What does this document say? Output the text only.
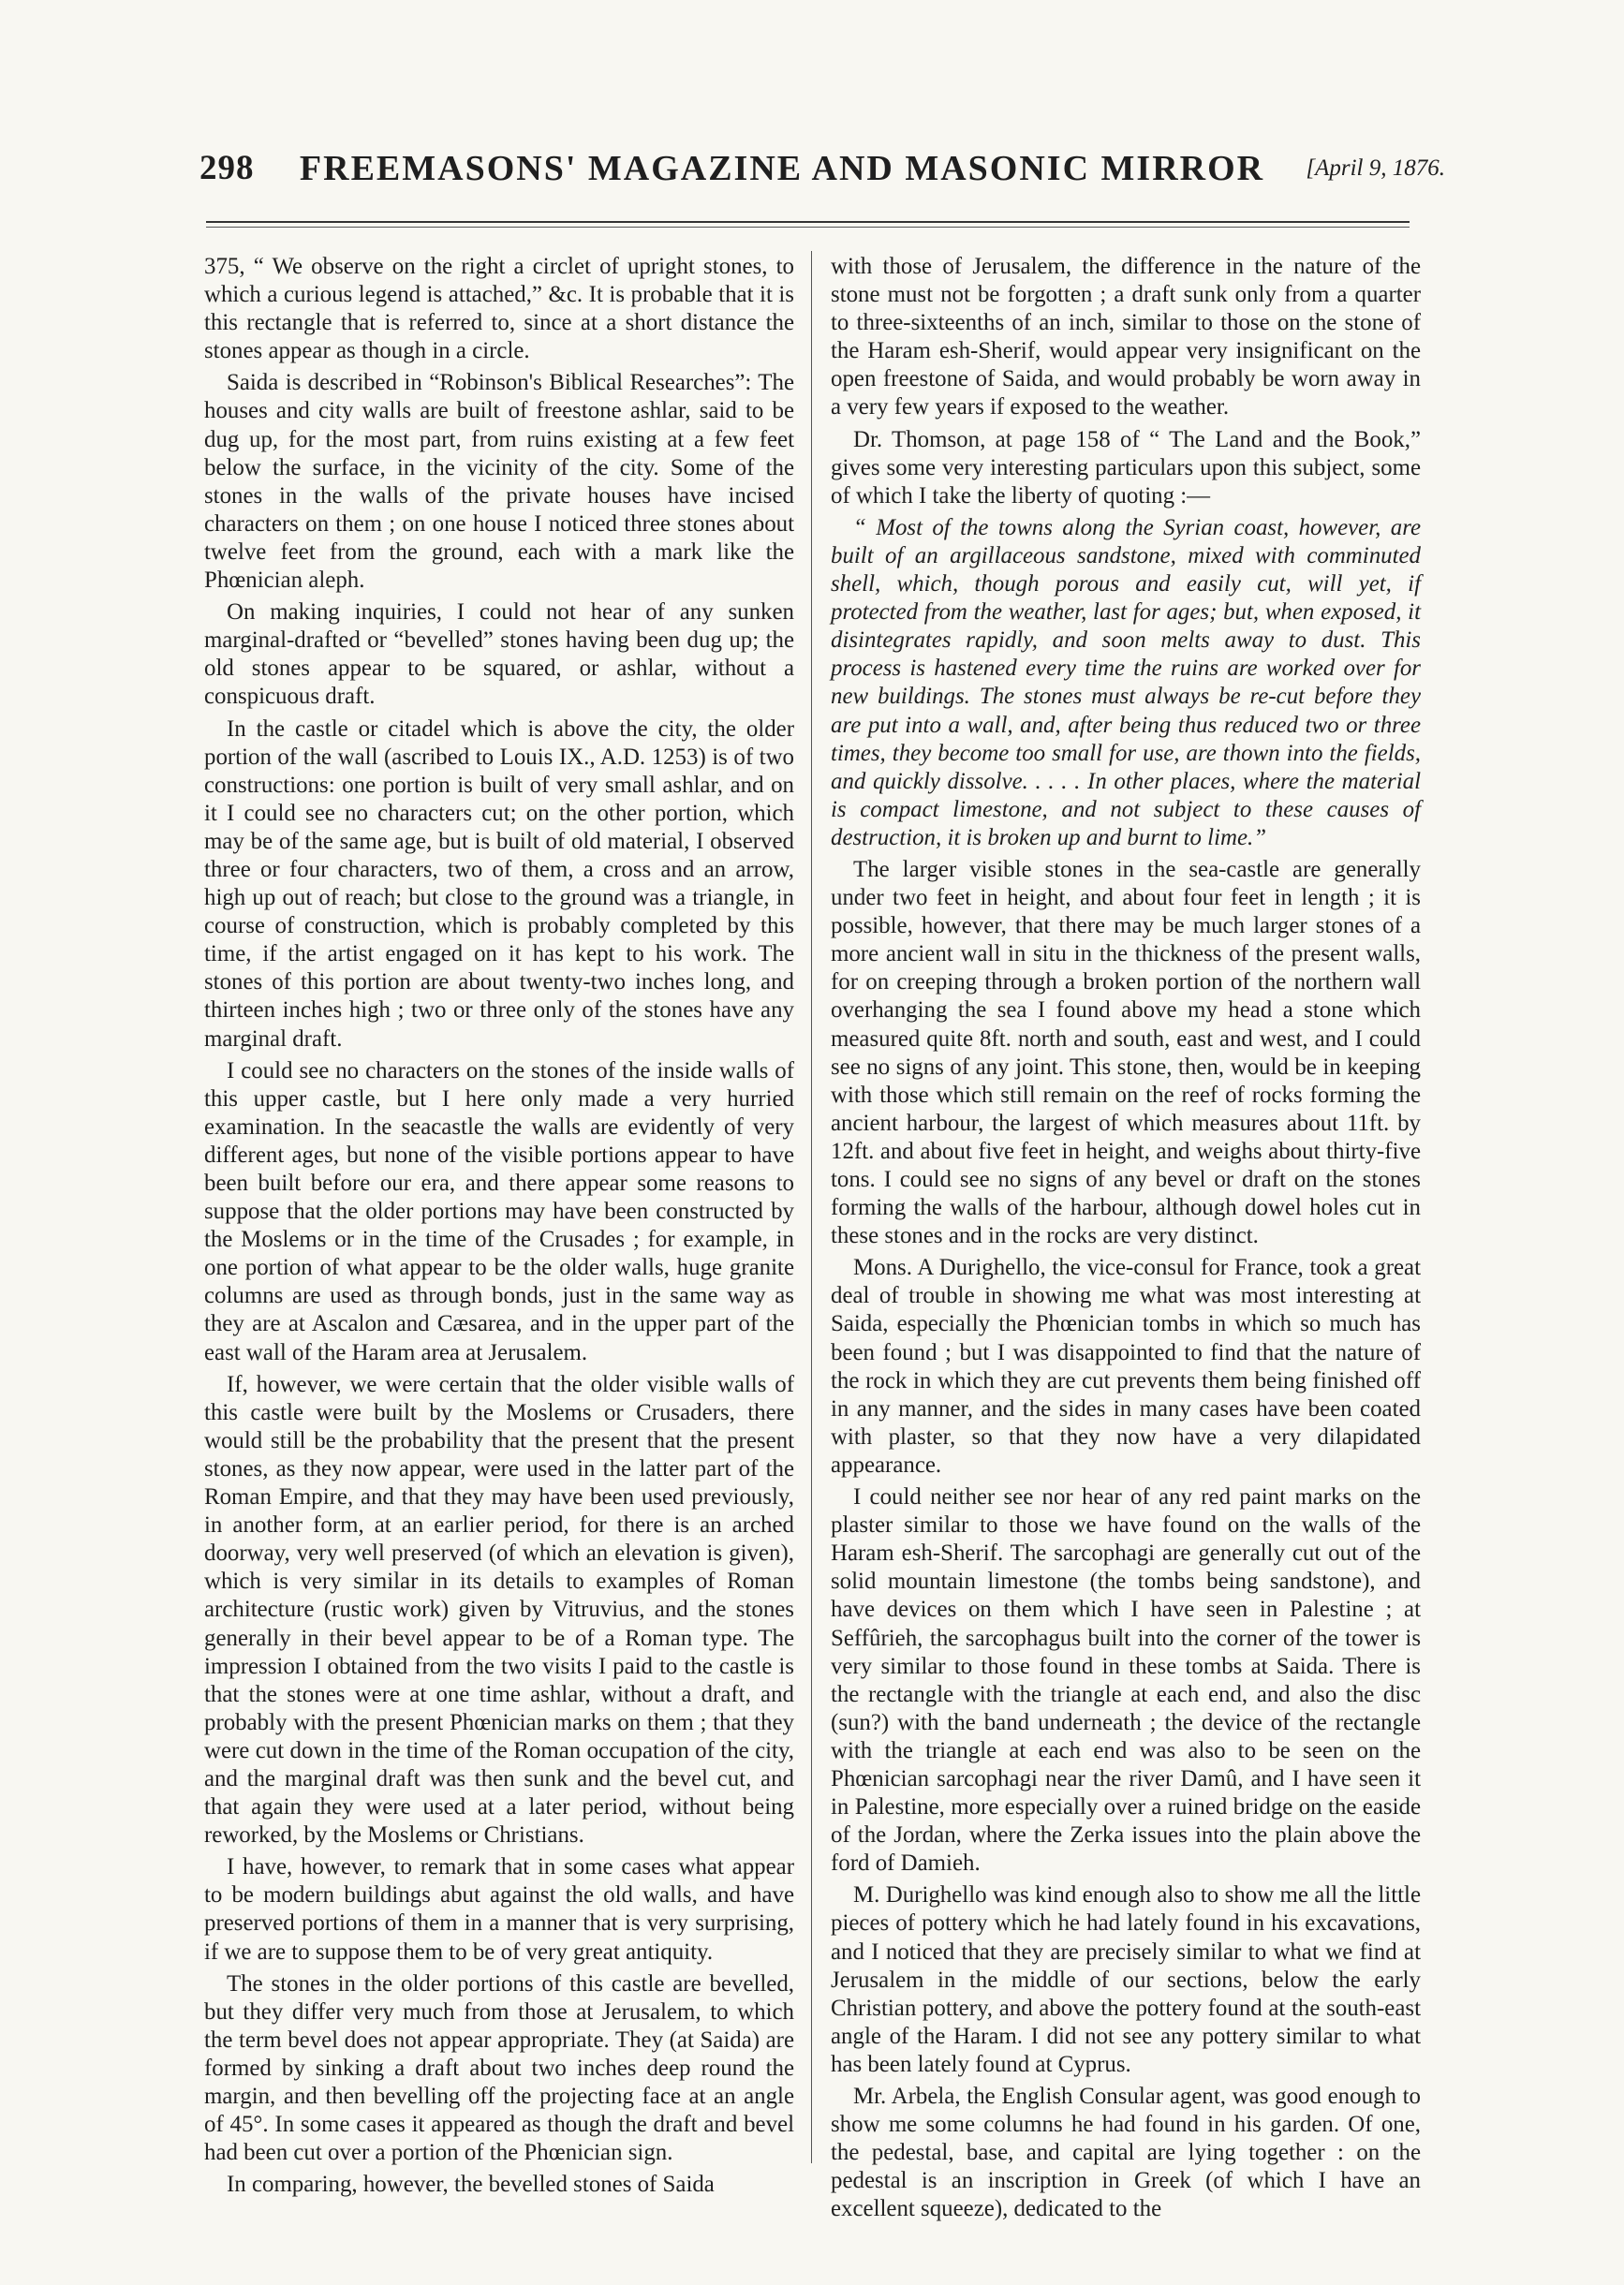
298	FREEMASONS' MAGAZINE AND MASONIC MIRROR	[April 9, 1876.

375, “ We observe on the right a circlet of upright stones, to which a curious legend is attached,” &c. It is probable that it is this rectangle that is referred to, since at a short distance the stones appear as though in a circle.

Saida is described in “Robinson's Biblical Researches”: The houses and city walls are built of freestone ashlar, said to be dug up, for the most part, from ruins existing at a few feet below the surface, in the vicinity of the city. Some of the stones in the walls of the private houses have incised characters on them ; on one house I noticed three stones about twelve feet from the ground, each with a mark like the Phœnician aleph.

On making inquiries, I could not hear of any sunken marginal-drafted or “bevelled” stones having been dug up; the old stones appear to be squared, or ashlar, without a conspicuous draft.

In the castle or citadel which is above the city, the older portion of the wall (ascribed to Louis IX., A.D. 1253) is of two constructions: one portion is built of very small ashlar, and on it I could see no characters cut; on the other portion, which may be of the same age, but is built of old material, I observed three or four characters, two of them, a cross and an arrow, high up out of reach; but close to the ground was a triangle, in course of construction, which is probably completed by this time, if the artist engaged on it has kept to his work. The stones of this portion are about twenty-two inches long, and thirteen inches high ; two or three only of the stones have any marginal draft.

I could see no characters on the stones of the inside walls of this upper castle, but I here only made a very hurried examination. In the seacastle the walls are evidently of very different ages, but none of the visible portions appear to have been built before our era, and there appear some reasons to suppose that the older portions may have been constructed by the Moslems or in the time of the Crusades ; for example, in one portion of what appear to be the older walls, huge granite columns are used as through bonds, just in the same way as they are at Ascalon and Cæsarea, and in the upper part of the east wall of the Haram area at Jerusalem.

If, however, we were certain that the older visible walls of this castle were built by the Moslems or Crusaders, there would still be the probability that the present that the present stones, as they now appear, were used in the latter part of the Roman Empire, and that they may have been used previously, in another form, at an earlier period, for there is an arched doorway, very well preserved (of which an elevation is given), which is very similar in its details to examples of Roman architecture (rustic work) given by Vitruvius, and the stones generally in their bevel appear to be of a Roman type. The impression I obtained from the two visits I paid to the castle is that the stones were at one time ashlar, without a draft, and probably with the present Phœnician marks on them ; that they were cut down in the time of the Roman occupation of the city, and the marginal draft was then sunk and the bevel cut, and that again they were used at a later period, without being reworked, by the Moslems or Christians.

I have, however, to remark that in some cases what appear to be modern buildings abut against the old walls, and have preserved portions of them in a manner that is very surprising, if we are to suppose them to be of very great antiquity.

The stones in the older portions of this castle are bevelled, but they differ very much from those at Jerusalem, to which the term bevel does not appear appropriate. They (at Saida) are formed by sinking a draft about two inches deep round the margin, and then bevelling off the projecting face at an angle of 45°. In some cases it appeared as though the draft and bevel had been cut over a portion of the Phœnician sign.

In comparing, however, the bevelled stones of Saida

with those of Jerusalem, the difference in the nature of the stone must not be forgotten ; a draft sunk only from a quarter to three-sixteenths of an inch, similar to those on the stone of the Haram esh-Sherif, would appear very insignificant on the open freestone of Saida, and would probably be worn away in a very few years if exposed to the weather.

Dr. Thomson, at page 158 of “ The Land and the Book,” gives some very interesting particulars upon this subject, some of which I take the liberty of quoting :—

“ Most of the towns along the Syrian coast, however, are built of an argillaceous sandstone, mixed with comminuted shell, which, though porous and easily cut, will yet, if protected from the weather, last for ages; but, when exposed, it disintegrates rapidly, and soon melts away to dust. This process is hastened every time the ruins are worked over for new buildings. The stones must always be re-cut before they are put into a wall, and, after being thus reduced two or three times, they become too small for use, are thown into the fields, and quickly dissolve. . . . . In other places, where the material is compact limestone, and not subject to these causes of destruction, it is broken up and burnt to lime.”

The larger visible stones in the sea-castle are generally under two feet in height, and about four feet in length ; it is possible, however, that there may be much larger stones of a more ancient wall in situ in the thickness of the present walls, for on creeping through a broken portion of the northern wall overhanging the sea I found above my head a stone which measured quite 8ft. north and south, east and west, and I could see no signs of any joint. This stone, then, would be in keeping with those which still remain on the reef of rocks forming the ancient harbour, the largest of which measures about 11ft. by 12ft. and about five feet in height, and weighs about thirty-five tons. I could see no signs of any bevel or draft on the stones forming the walls of the harbour, although dowel holes cut in these stones and in the rocks are very distinct.

Mons. A Durighello, the vice-consul for France, took a great deal of trouble in showing me what was most interesting at Saida, especially the Phœnician tombs in which so much has been found ; but I was disappointed to find that the nature of the rock in which they are cut prevents them being finished off in any manner, and the sides in many cases have been coated with plaster, so that they now have a very dilapidated appearance.

I could neither see nor hear of any red paint marks on the plaster similar to those we have found on the walls of the Haram esh-Sherif. The sarcophagi are generally cut out of the solid mountain limestone (the tombs being sandstone), and have devices on them which I have seen in Palestine ; at Seffûrieh, the sarcophagus built into the corner of the tower is very similar to those found in these tombs at Saida. There is the rectangle with the triangle at each end, and also the disc (sun?) with the band underneath ; the device of the rectangle with the triangle at each end was also to be seen on the Phœnician sarcophagi near the river Damû, and I have seen it in Palestine, more especially over a ruined bridge on the easide of the Jordan, where the Zerka issues into the plain above the ford of Damieh.

M. Durighello was kind enough also to show me all the little pieces of pottery which he had lately found in his excavations, and I noticed that they are precisely similar to what we find at Jerusalem in the middle of our sections, below the early Christian pottery, and above the pottery found at the south-east angle of the Haram. I did not see any pottery similar to what has been lately found at Cyprus.

Mr. Arbela, the English Consular agent, was good enough to show me some columns he had found in his garden. Of one, the pedestal, base, and capital are lying together : on the pedestal is an inscription in Greek (of which I have an excellent squeeze), dedicated to the
